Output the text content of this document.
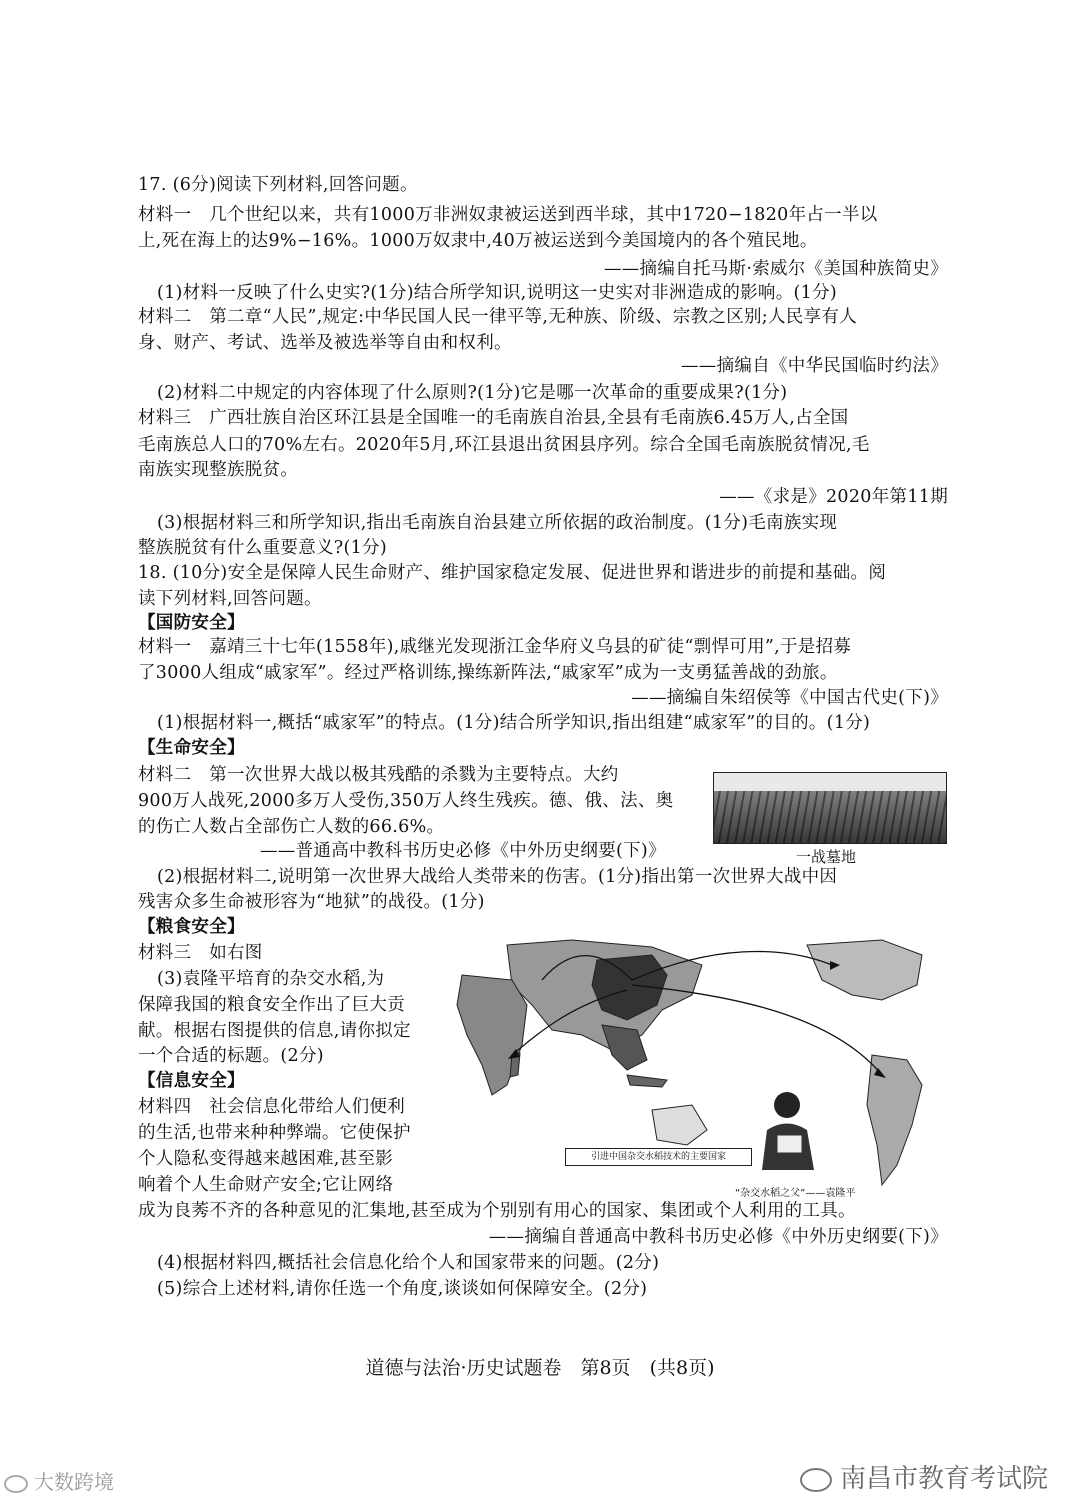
17. (6分)阅读下列材料,回答问题。
材料一　几个世纪以来，共有1000万非洲奴隶被运送到西半球，其中1720−1820年占一半以
上,死在海上的达9%−16%。1000万奴隶中,40万被运送到今美国境内的各个殖民地。
——摘编自托马斯·索威尔《美国种族简史》
(1)材料一反映了什么史实?(1分)结合所学知识,说明这一史实对非洲造成的影响。(1分)
材料二　第二章“人民”,规定:中华民国人民一律平等,无种族、阶级、宗教之区别;人民享有人
身、财产、考试、选举及被选举等自由和权利。
——摘编自《中华民国临时约法》
(2)材料二中规定的内容体现了什么原则?(1分)它是哪一次革命的重要成果?(1分)
材料三　广西壮族自治区环江县是全国唯一的毛南族自治县,全县有毛南族6.45万人,占全国
毛南族总人口的70%左右。2020年5月,环江县退出贫困县序列。综合全国毛南族脱贫情况,毛
南族实现整族脱贫。
——《求是》2020年第11期
(3)根据材料三和所学知识,指出毛南族自治县建立所依据的政治制度。(1分)毛南族实现
整族脱贫有什么重要意义?(1分)
18. (10分)安全是保障人民生命财产、维护国家稳定发展、促进世界和谐进步的前提和基础。阅
读下列材料,回答问题。
【国防安全】
材料一　嘉靖三十七年(1558年),戚继光发现浙江金华府义乌县的矿徒“剽悍可用”,于是招募
了3000人组成“戚家军”。经过严格训练,操练新阵法,“戚家军”成为一支勇猛善战的劲旅。
——摘编自朱绍侯等《中国古代史(下)》
(1)根据材料一,概括“戚家军”的特点。(1分)结合所学知识,指出组建“戚家军”的目的。(1分)
【生命安全】
材料二　第一次世界大战以极其残酷的杀戮为主要特点。大约
900万人战死,2000多万人受伤,350万人终生残疾。德、俄、法、奥
的伤亡人数占全部伤亡人数的66.6%。
——普通高中教科书历史必修《中外历史纲要(下)》	一战墓地
(2)根据材料二,说明第一次世界大战给人类带来的伤害。(1分)指出第一次世界大战中因
残害众多生命被形容为“地狱”的战役。(1分)
【粮食安全】
材料三　如右图
(3)袁隆平培育的杂交水稻,为
保障我国的粮食安全作出了巨大贡
献。根据右图提供的信息,请你拟定
一个合适的标题。(2分)
【信息安全】
材料四　社会信息化带给人们便利
的生活,也带来种种弊端。它使保护
个人隐私变得越来越困难,甚至影
响着个人生命财产安全;它让网络
引进中国杂交水稻技术的主要国家
“杂交水稻之父”——袁隆平
成为良莠不齐的各种意见的汇集地,甚至成为个别别有用心的国家、集团或个人利用的工具。
——摘编自普通高中教科书历史必修《中外历史纲要(下)》
(4)根据材料四,概括社会信息化给个人和国家带来的问题。(2分)
(5)综合上述材料,请你任选一个角度,谈谈如何保障安全。(2分)
道德与法治·历史试题卷　第8页　(共8页)
南昌市教育考试院
大数跨境
